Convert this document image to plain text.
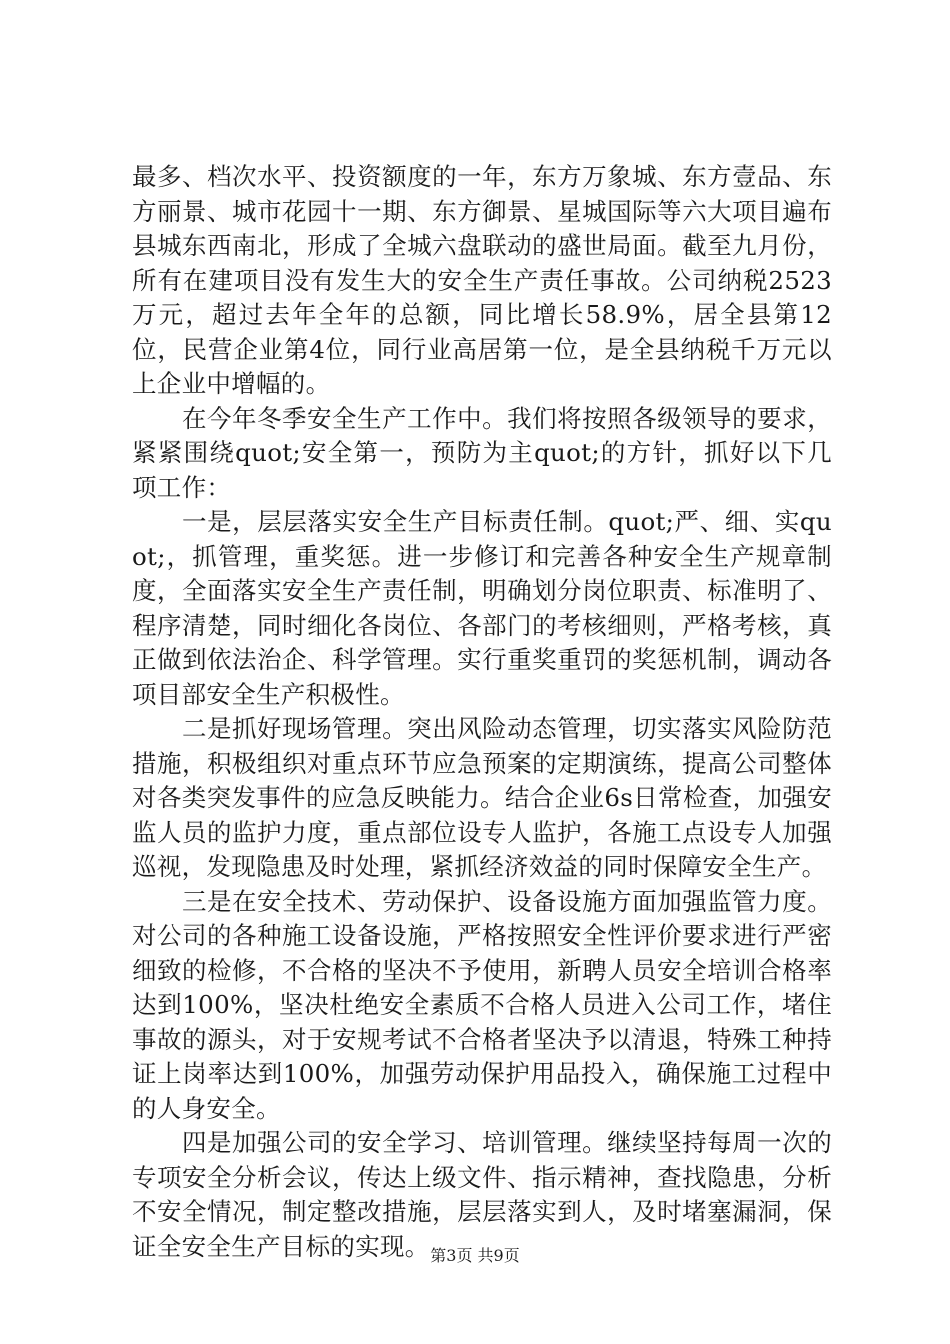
最多、档次水平、投资额度的一年，东方万象城、东方壹品、东方丽景、城市花园十一期、东方御景、星城国际等六大项目遍布县城东西南北，形成了全城六盘联动的盛世局面。截至九月份，所有在建项目没有发生大的安全生产责任事故。公司纳税2523万元，超过去年全年的总额，同比增长58.9%，居全县第12位，民营企业第4位，同行业高居第一位，是全县纳税千万元以上企业中增幅的。

在今年冬季安全生产工作中。我们将按照各级领导的要求，紧紧围绕quot;安全第一，预防为主quot;的方针，抓好以下几项工作：

一是，层层落实安全生产目标责任制。quot;严、细、实quot;，抓管理，重奖惩。进一步修订和完善各种安全生产规章制度，全面落实安全生产责任制，明确划分岗位职责、标准明了、程序清楚，同时细化各岗位、各部门的考核细则，严格考核，真正做到依法治企、科学管理。实行重奖重罚的奖惩机制，调动各项目部安全生产积极性。

二是抓好现场管理。突出风险动态管理，切实落实风险防范措施，积极组织对重点环节应急预案的定期演练，提高公司整体对各类突发事件的应急反映能力。结合企业6s日常检查，加强安监人员的监护力度，重点部位设专人监护，各施工点设专人加强巡视，发现隐患及时处理，紧抓经济效益的同时保障安全生产。

三是在安全技术、劳动保护、设备设施方面加强监管力度。对公司的各种施工设备设施，严格按照安全性评价要求进行严密细致的检修，不合格的坚决不予使用，新聘人员安全培训合格率达到100%，坚决杜绝安全素质不合格人员进入公司工作，堵住事故的源头，对于安规考试不合格者坚决予以清退，特殊工种持证上岗率达到100%，加强劳动保护用品投入，确保施工过程中的人身安全。

四是加强公司的安全学习、培训管理。继续坚持每周一次的专项安全分析会议，传达上级文件、指示精神，查找隐患，分析不安全情况，制定整改措施，层层落实到人，及时堵塞漏洞，保证全安全生产目标的实现。 第3页 共9页
